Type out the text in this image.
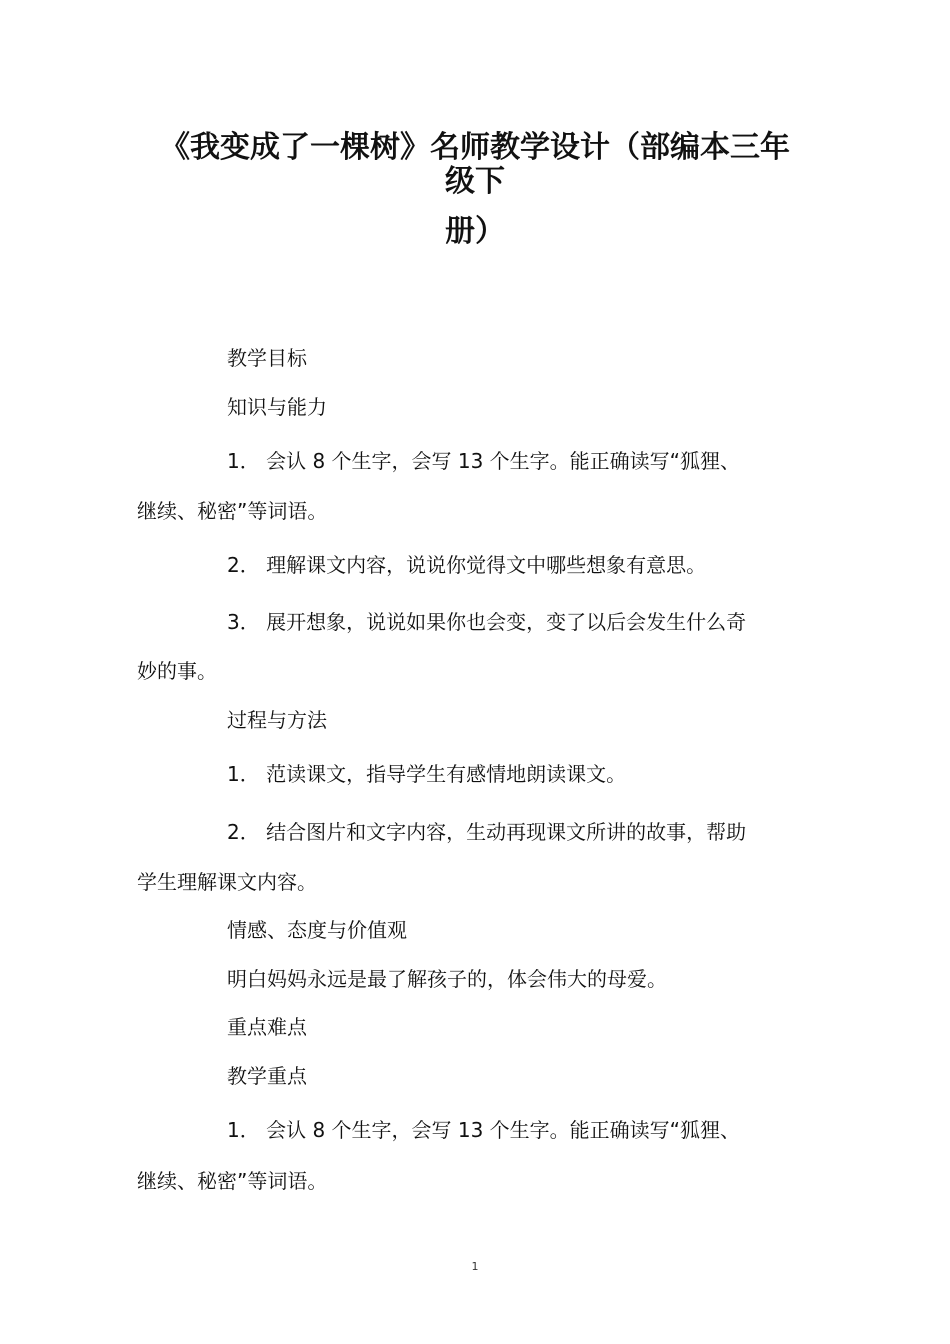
《我变成了一棵树》名师教学设计（部编本三年
级下
册）
教学目标
知识与能力
1． 会认 8 个生字，会写 13 个生字。能正确读写“狐狸、
继续、秘密”等词语。
2． 理解课文内容，说说你觉得文中哪些想象有意思。
3． 展开想象，说说如果你也会变，变了以后会发生什么奇
妙的事。
过程与方法
1． 范读课文，指导学生有感情地朗读课文。
2． 结合图片和文字内容，生动再现课文所讲的故事，帮助
学生理解课文内容。
情感、态度与价值观
明白妈妈永远是最了解孩子的，体会伟大的母爱。
重点难点
教学重点
1． 会认 8 个生字，会写 13 个生字。能正确读写“狐狸、
继续、秘密”等词语。
1
